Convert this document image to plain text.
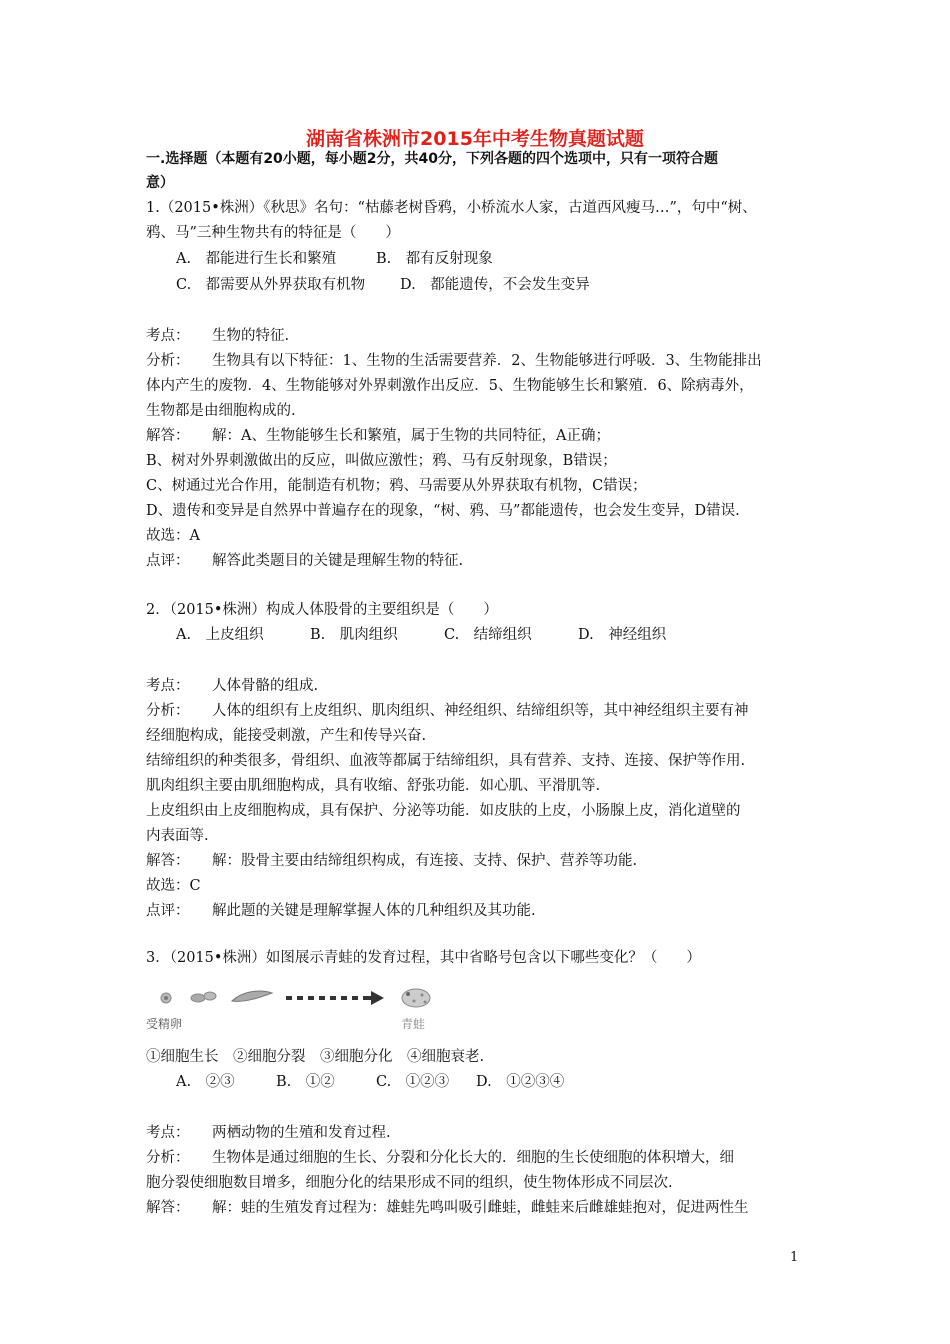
湖南省株洲市2015年中考生物真题试题
一.选择题（本题有20小题，每小题2分，共40分，下列各题的四个选项中，只有一项符合题
意）
1.（2015•株洲）《秋思》名句：“枯藤老树昏鸦，小桥流水人家，古道西风瘦马…”，句中“树、
鸦、马”三种生物共有的特征是（　　）
A.　都能进行生长和繁殖	B.　都有反射现象
C.　都需要从外界获取有机物 D.　都能遗传，不会发生变异
考点： 生物的特征.
分析： 生物具有以下特征：1、生物的生活需要营养．2、生物能够进行呼吸．3、生物能排出
体内产生的废物．4、生物能够对外界刺激作出反应．5、生物能够生长和繁殖．6、除病毒外，
生物都是由细胞构成的.
解答： 解：A、生物能够生长和繁殖，属于生物的共同特征，A正确；
B、树对外界刺激做出的反应，叫做应激性；鸦、马有反射现象，B错误；
C、树通过光合作用，能制造有机物；鸦、马需要从外界获取有机物，C错误；
D、遗传和变异是自然界中普遍存在的现象，“树、鸦、马”都能遗传，也会发生变异，D错误.
故选：A
点评： 解答此类题目的关键是理解生物的特征.
2．（2015•株洲）构成人体股骨的主要组织是（　　）
A.　上皮组织	B.　肌肉组织	C.　结缔组织	D.　神经组织
考点： 人体骨骼的组成.
分析： 人体的组织有上皮组织、肌肉组织、神经组织、结缔组织等，其中神经组织主要有神
经细胞构成，能接受刺激，产生和传导兴奋.
结缔组织的种类很多，骨组织、血液等都属于结缔组织，具有营养、支持、连接、保护等作用.
肌肉组织主要由肌细胞构成，具有收缩、舒张功能．如心肌、平滑肌等.
上皮组织由上皮细胞构成，具有保护、分泌等功能．如皮肤的上皮，小肠腺上皮，消化道壁的
内表面等.
解答： 解：股骨主要由结缔组织构成，有连接、支持、保护、营养等功能.
故选：C
点评： 解此题的关键是理解掌握人体的几种组织及其功能.
3．（2015•株洲）如图展示青蛙的发育过程，其中省略号包含以下哪些变化？（　　）
受精卵	青蛙
①细胞生长　②细胞分裂　③细胞分化　④细胞衰老.
A.　②③	B.　①②	C.　①②③ D.　①②③④
考点： 两栖动物的生殖和发育过程.
分析： 生物体是通过细胞的生长、分裂和分化长大的．细胞的生长使细胞的体积增大，细
胞分裂使细胞数目增多，细胞分化的结果形成不同的组织，使生物体形成不同层次.
解答： 解：蛙的生殖发育过程为：雄蛙先鸣叫吸引雌蛙，雌蛙来后雌雄蛙抱对，促进两性生
1
